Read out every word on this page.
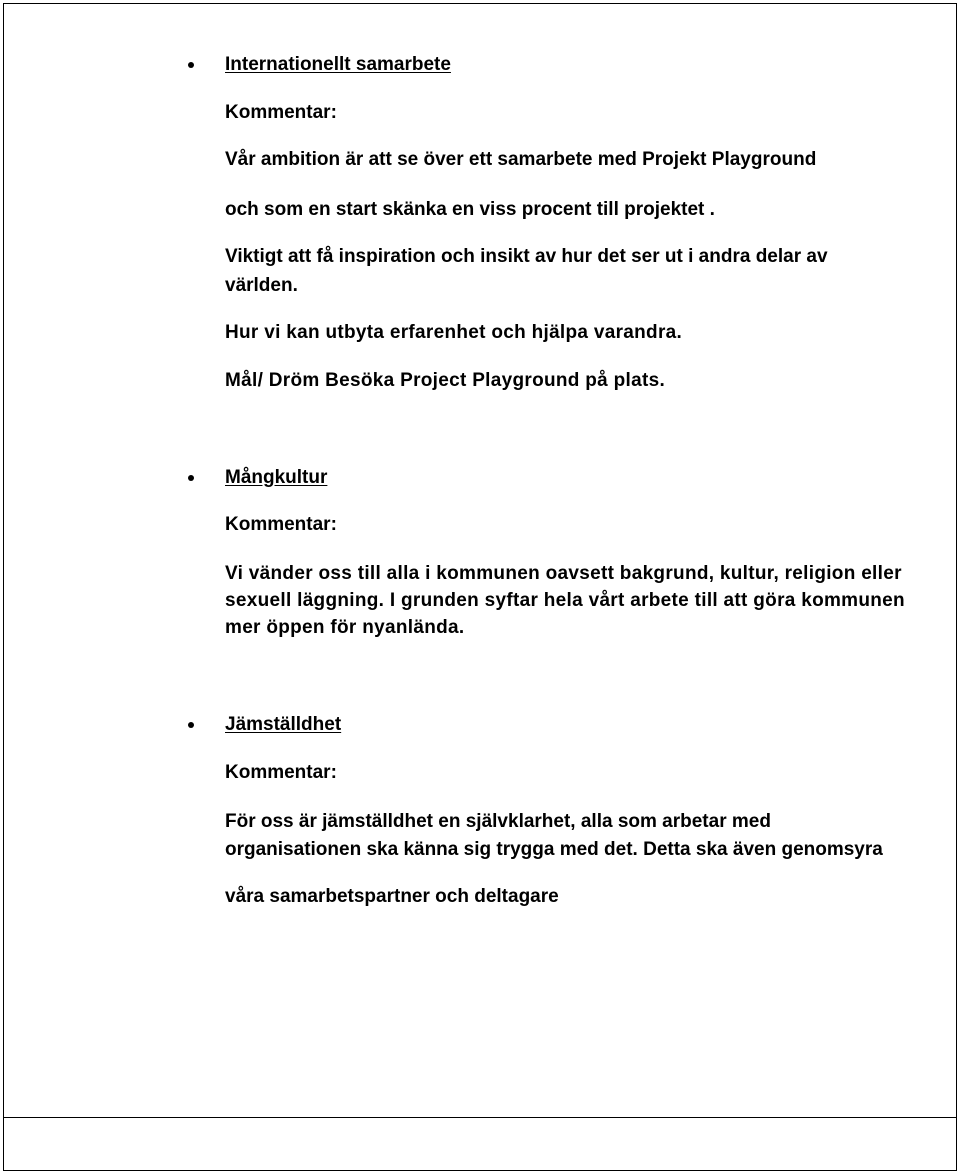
Internationellt samarbete
Kommentar:
Vår ambition är att se över ett samarbete med Projekt Playground
och som en start skänka en viss procent till projektet .
Viktigt att få inspiration och insikt av hur det ser ut i andra delar av
världen.
Hur vi kan utbyta erfarenhet och hjälpa varandra.
Mål/ Dröm Besöka Project Playground på plats.
Mångkultur
Kommentar:
Vi vänder oss till alla i kommunen oavsett bakgrund, kultur, religion eller
sexuell läggning. I grunden syftar hela vårt arbete till att göra kommunen
mer öppen för nyanlända.
Jämställdhet
Kommentar:
För oss är jämställdhet en självklarhet, alla som arbetar med
organisationen ska känna sig trygga med det. Detta ska även genomsyra
våra samarbetspartner och deltagare
